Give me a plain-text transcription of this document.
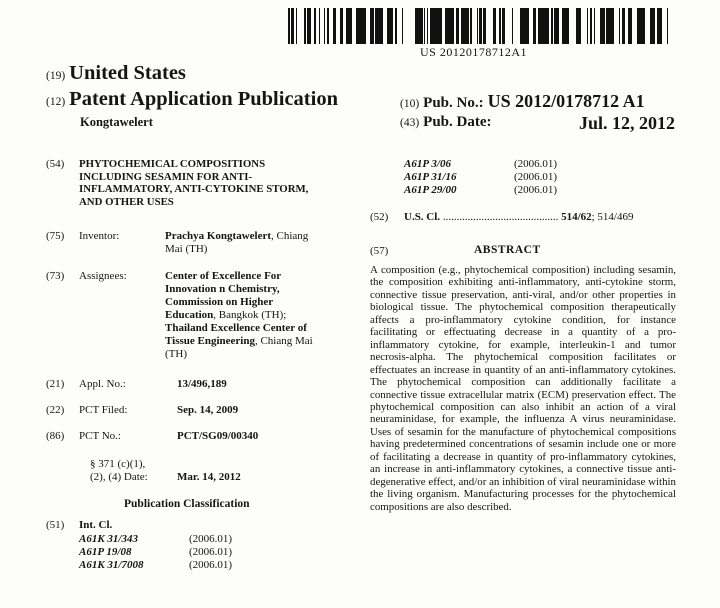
US 20120178712A1
(19) United States
(12) Patent Application Publication
Kongtawelert
(10) Pub. No.: US 2012/0178712 A1
(43) Pub. Date:	Jul. 12, 2012
(54) PHYTOCHEMICAL COMPOSITIONS INCLUDING SESAMIN FOR ANTI-INFLAMMATORY, ANTI-CYTOKINE STORM, AND OTHER USES
(75) Inventor:	Prachya Kongtawelert, Chiang
Mai (TH)
(73) Assignees:	Center of Excellence For
Innovation n Chemistry,
Commission on Higher
Education, Bangkok (TH);
Thailand Excellence Center of
Tissue Engineering, Chiang Mai
(TH)
(21) Appl. No.:	13/496,189
(22) PCT Filed:	Sep. 14, 2009
(86) PCT No.:	PCT/SG09/00340
§ 371 (c)(1),
(2), (4) Date:	Mar. 14, 2012
Publication Classification
(51) Int. Cl.
A61K 31/343	(2006.01)
A61P 19/08	(2006.01)
A61K 31/7008	(2006.01)
A61P 3/06	(2006.01)
A61P 31/16	(2006.01)
A61P 29/00	(2006.01)
(52) U.S. Cl. .......................................... 514/62; 514/469
(57)	ABSTRACT
A composition (e.g., phytochemical composition) including sesamin, the composition exhibiting anti-inflammatory, anti-cytokine storm, connective tissue preservation, anti-viral, and/or other properties in biological tissue. The phytochemical composition therapeutically affects a pro-inflammatory cytokine condition, for instance facilitating or effectuating decrease in a quantity of a pro-inflammatory cytokine, for example, interleukin-1 and tumor necrosis-alpha. The phytochemical composition facilitates or effectuates an increase in quantity of an anti-inflammatory cytokines. The phytochemical composition can additionally facilitate a connective tissue extracellular matrix (ECM) preservation effect. The phytochemical composition can also inhibit an action of a viral neuraminidase, for example, the influenza A virus neuraminidase. Uses of sesamin for the manufacture of phytochemical compositions having predetermined concentrations of sesamin include one or more of facilitating a decrease in quantity of pro-inflammatory cytokines, an increase in anti-inflammatory cytokines, a connective tissue anti-degenerative effect, and/or an inhibition of viral neuraminidase within the living organism. Manufacturing processes for the phytochemical compositions are also described.
